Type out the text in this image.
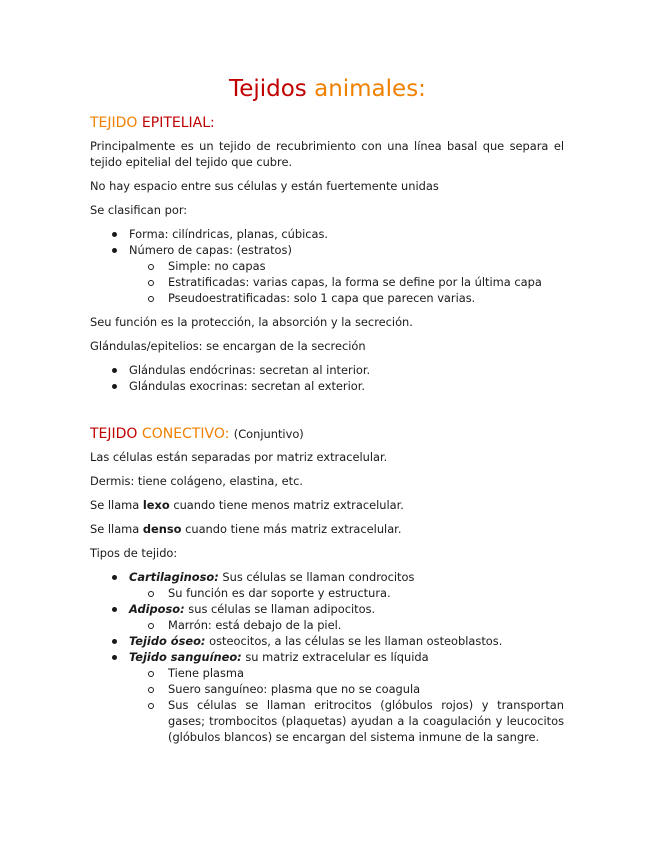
Tejidos animales:
TEJIDO EPITELIAL:

Principalmente es un tejido de recubrimiento con una línea basal que separa el tejido epitelial del tejido que cubre.

No hay espacio entre sus células y están fuertemente unidas

Se clasifican por:

Forma: cilíndricas, planas, cúbicas.
Número de capas: (estratos)
Simple: no capas
Estratificadas: varias capas, la forma se define por la última capa
Pseudoestratificadas: solo 1 capa que parecen varias.

Seu función es la protección, la absorción y la secreción.

Glándulas/epitelios: se encargan de la secreción

Glándulas endócrinas: secretan al interior.
Glándulas exocrinas: secretan al exterior.
TEJIDO CONECTIVO: (Conjuntivo)

Las células están separadas por matriz extracelular.

Dermis: tiene colágeno, elastina, etc.

Se llama lexo cuando tiene menos matriz extracelular.

Se llama denso cuando tiene más matriz extracelular.

Tipos de tejido:

Cartilaginoso: Sus células se llaman condrocitos
Su función es dar soporte y estructura.
Adiposo: sus células se llaman adipocitos.
Marrón: está debajo de la piel.
Tejido óseo: osteocitos, a las células se les llaman osteoblastos.
Tejido sanguíneo: su matriz extracelular es líquida
Tiene plasma
Suero sanguíneo: plasma que no se coagula
Sus células se llaman eritrocitos (glóbulos rojos) y transportan gases; trombocitos (plaquetas) ayudan a la coagulación y leucocitos (glóbulos blancos) se encargan del sistema inmune de la sangre.
